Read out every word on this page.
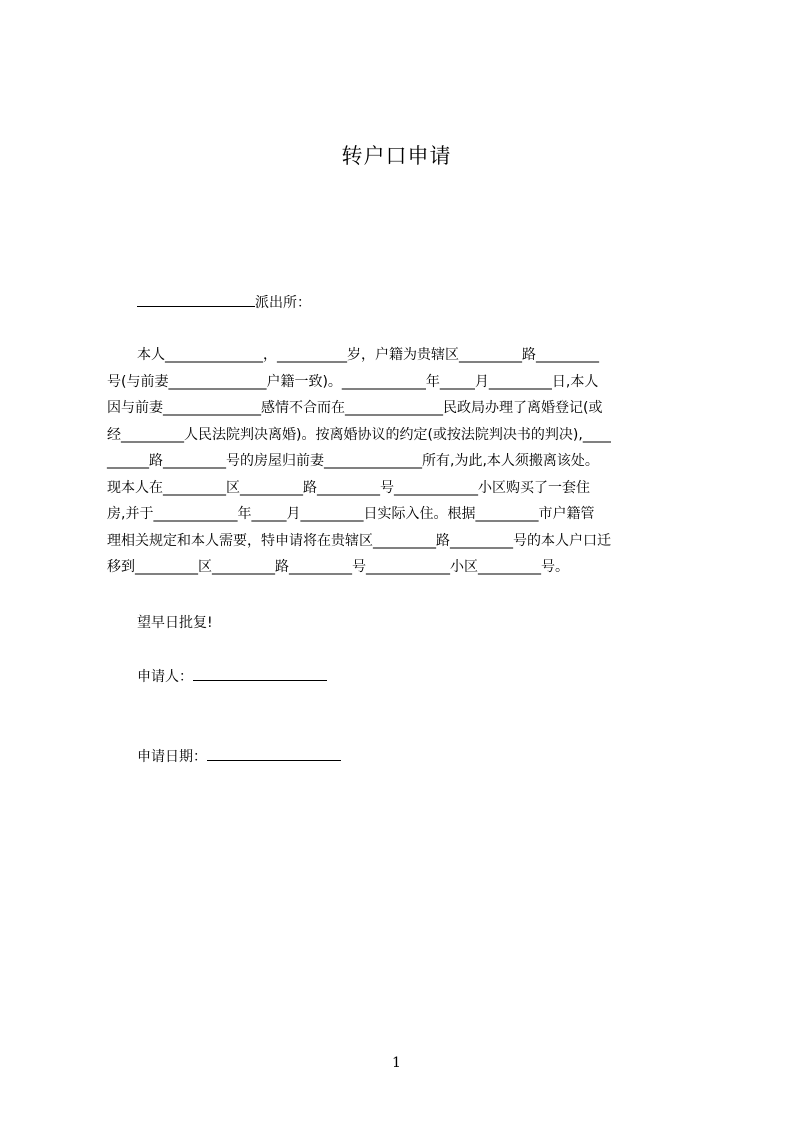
转户口申请
派出所：
本人______________，__________岁，户籍为贵辖区_________路_________
号(与前妻______________户籍一致)。____________年_____月_________日,本人
因与前妻______________感情不合而在______________民政局办理了离婚登记(或
经_________人民法院判决离婚)。按离婚协议的约定(或按法院判决书的判决),____
______路_________号的房屋归前妻______________所有,为此,本人须搬离该处。
现本人在_________区_________路_________号____________小区购买了一套住
房,并于____________年_____月_________日实际入住。根据_________市户籍管
理相关规定和本人需要，特申请将在贵辖区_________路_________号的本人户口迁
移到_________区_________路_________号____________小区_________号。
望早日批复!
申请人：
申请日期：
1
